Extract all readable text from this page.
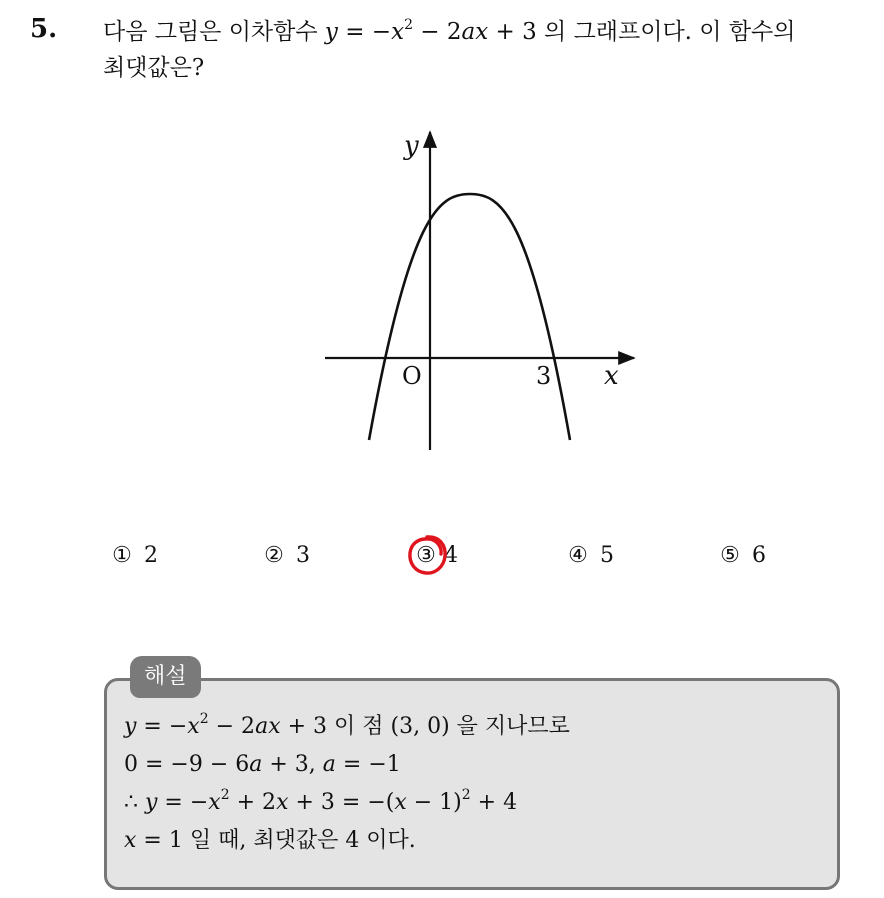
5. 다음 그림은 이차함수 $y = -x^2 - 2ax + 3$ 의 그래프이다. 이 함수의
최댓값은?
y
x
O	3
① 2	② 3	③ 4	④ 5	⑤ 6
해설
$y = -x^2 - 2ax + 3$ 이 점 (3, 0) 을 지나므로
0 = −9 − 6a + 3, a = −1
∴ $y = -x^2 + 2x + 3 = -(x - 1)^2 + 4$
x = 1 일 때, 최댓값은 4 이다.
